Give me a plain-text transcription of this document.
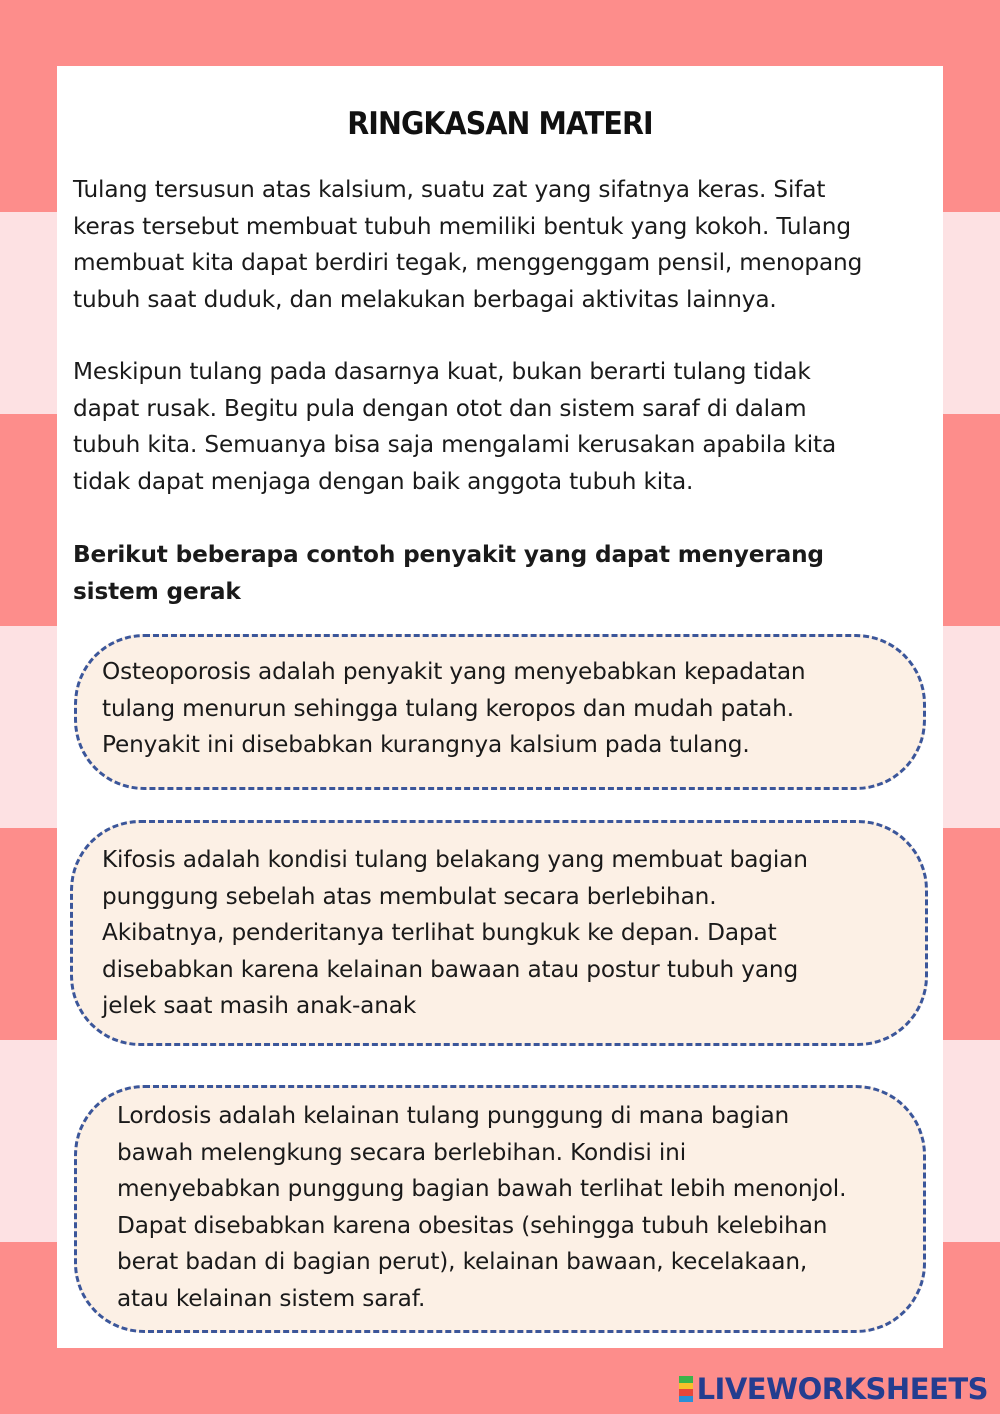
RINGKASAN MATERI

Tulang tersusun atas kalsium, suatu zat yang sifatnya keras. Sifat
keras tersebut membuat tubuh memiliki bentuk yang kokoh. Tulang
membuat kita dapat berdiri tegak, menggenggam pensil, menopang
tubuh saat duduk, dan melakukan berbagai aktivitas lainnya.

Meskipun tulang pada dasarnya kuat, bukan berarti tulang tidak
dapat rusak. Begitu pula dengan otot dan sistem saraf di dalam
tubuh kita. Semuanya bisa saja mengalami kerusakan apabila kita
tidak dapat menjaga dengan baik anggota tubuh kita.

Berikut beberapa contoh penyakit yang dapat menyerang
sistem gerak

Osteoporosis adalah penyakit yang menyebabkan kepadatan
tulang menurun sehingga tulang keropos dan mudah patah.
Penyakit ini disebabkan kurangnya kalsium pada tulang.

Kifosis adalah kondisi tulang belakang yang membuat bagian
punggung sebelah atas membulat secara berlebihan.
Akibatnya, penderitanya terlihat bungkuk ke depan. Dapat
disebabkan karena kelainan bawaan atau postur tubuh yang
jelek saat masih anak-anak

Lordosis adalah kelainan tulang punggung di mana bagian
bawah melengkung secara berlebihan. Kondisi ini
menyebabkan punggung bagian bawah terlihat lebih menonjol.
Dapat disebabkan karena obesitas (sehingga tubuh kelebihan
berat badan di bagian perut), kelainan bawaan, kecelakaan,
atau kelainan sistem saraf.

LIVEWORKSHEETS
